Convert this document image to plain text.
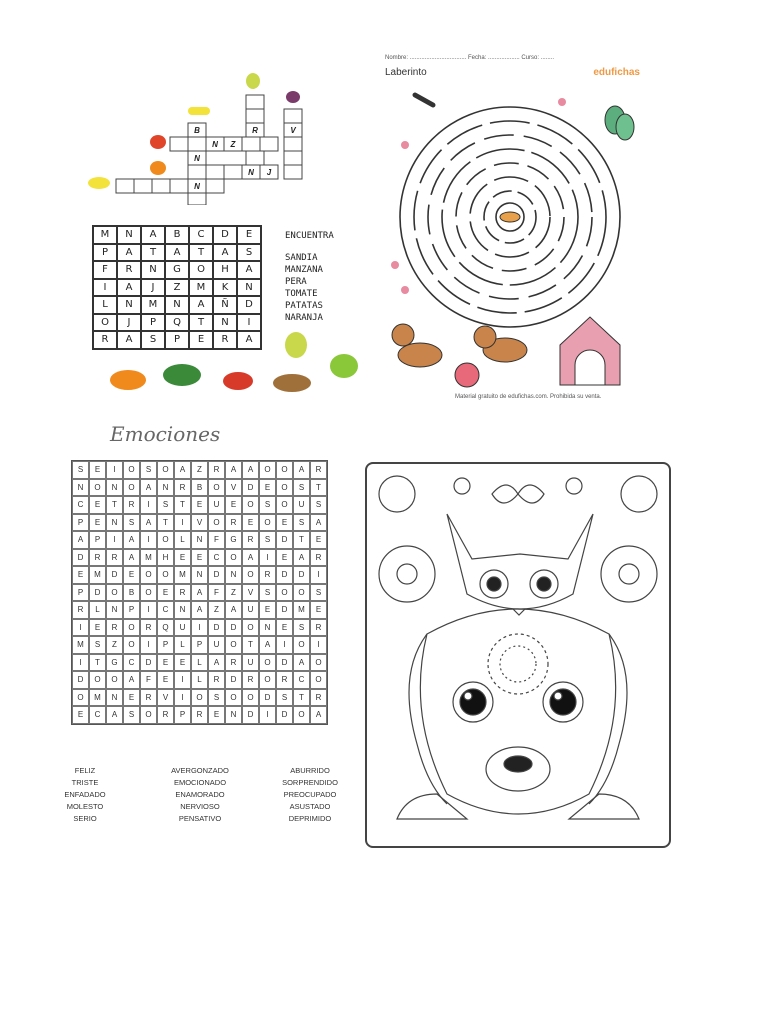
B	R	V
N	Z
N
N	J
N
M	N	A	B	C	D	E
P	A	T	A	T	A	S
F	R	N	G	O	H	A
I	A	J	Z	M	K	N
L	N	M	N	A	Ñ	D
O	J	P	Q	T	N	I
R	A	S	P	E	R	A
ENCUENTRA
SANDIA
MANZANA
PERA
TOMATE
PATATAS
NARANJA
Nombre: .................................. Fecha: ................... Curso: ........
Laberinto	edufichas
Material gratuito de edufichas.com. Prohibida su venta.
Emociones
S	E	I	O	S	O	A	Z	R	A	A	O	O	A	R
N	O	N	O	A	N	R	B	O	V	D	E	O	S	T
C	E	T	R	I	S	T	E	U	E	O	S	O	U	S
P	E	N	S	A	T	I	V	O	R	E	O	E	S	A
A	P	I	A	I	O	L	N	F	G	R	S	D	T	E
D	R	R	A	M	H	E	E	C	O	A	I	E	A	R
E	M	D	E	O	O	M	N	D	N	O	R	D	D	I
P	D	O	B	O	E	R	A	F	Z	V	S	O	O	S
R	L	N	P	I	C	N	A	Z	A	U	E	D	M	E
I	E	R	O	R	Q	U	I	D	D	O	N	E	S	R
M	S	Z	O	I	P	L	P	U	O	T	A	I	O	I
I	T	G	C	D	E	E	L	A	R	U	O	D	A	O
D	O	O	A	F	E	I	L	R	D	R	O	R	C	O
O	M	N	E	R	V	I	O	S	O	O	D	S	T	R
E	C	A	S	O	R	P	R	E	N	D	I	D	O	A
FELIZ
TRISTE
ENFADADO
MOLESTO
SERIO
AVERGONZADO
EMOCIONADO
ENAMORADO
NERVIOSO
PENSATIVO
ABURRIDO
SORPRENDIDO
PREOCUPADO
ASUSTADO
DEPRIMIDO
